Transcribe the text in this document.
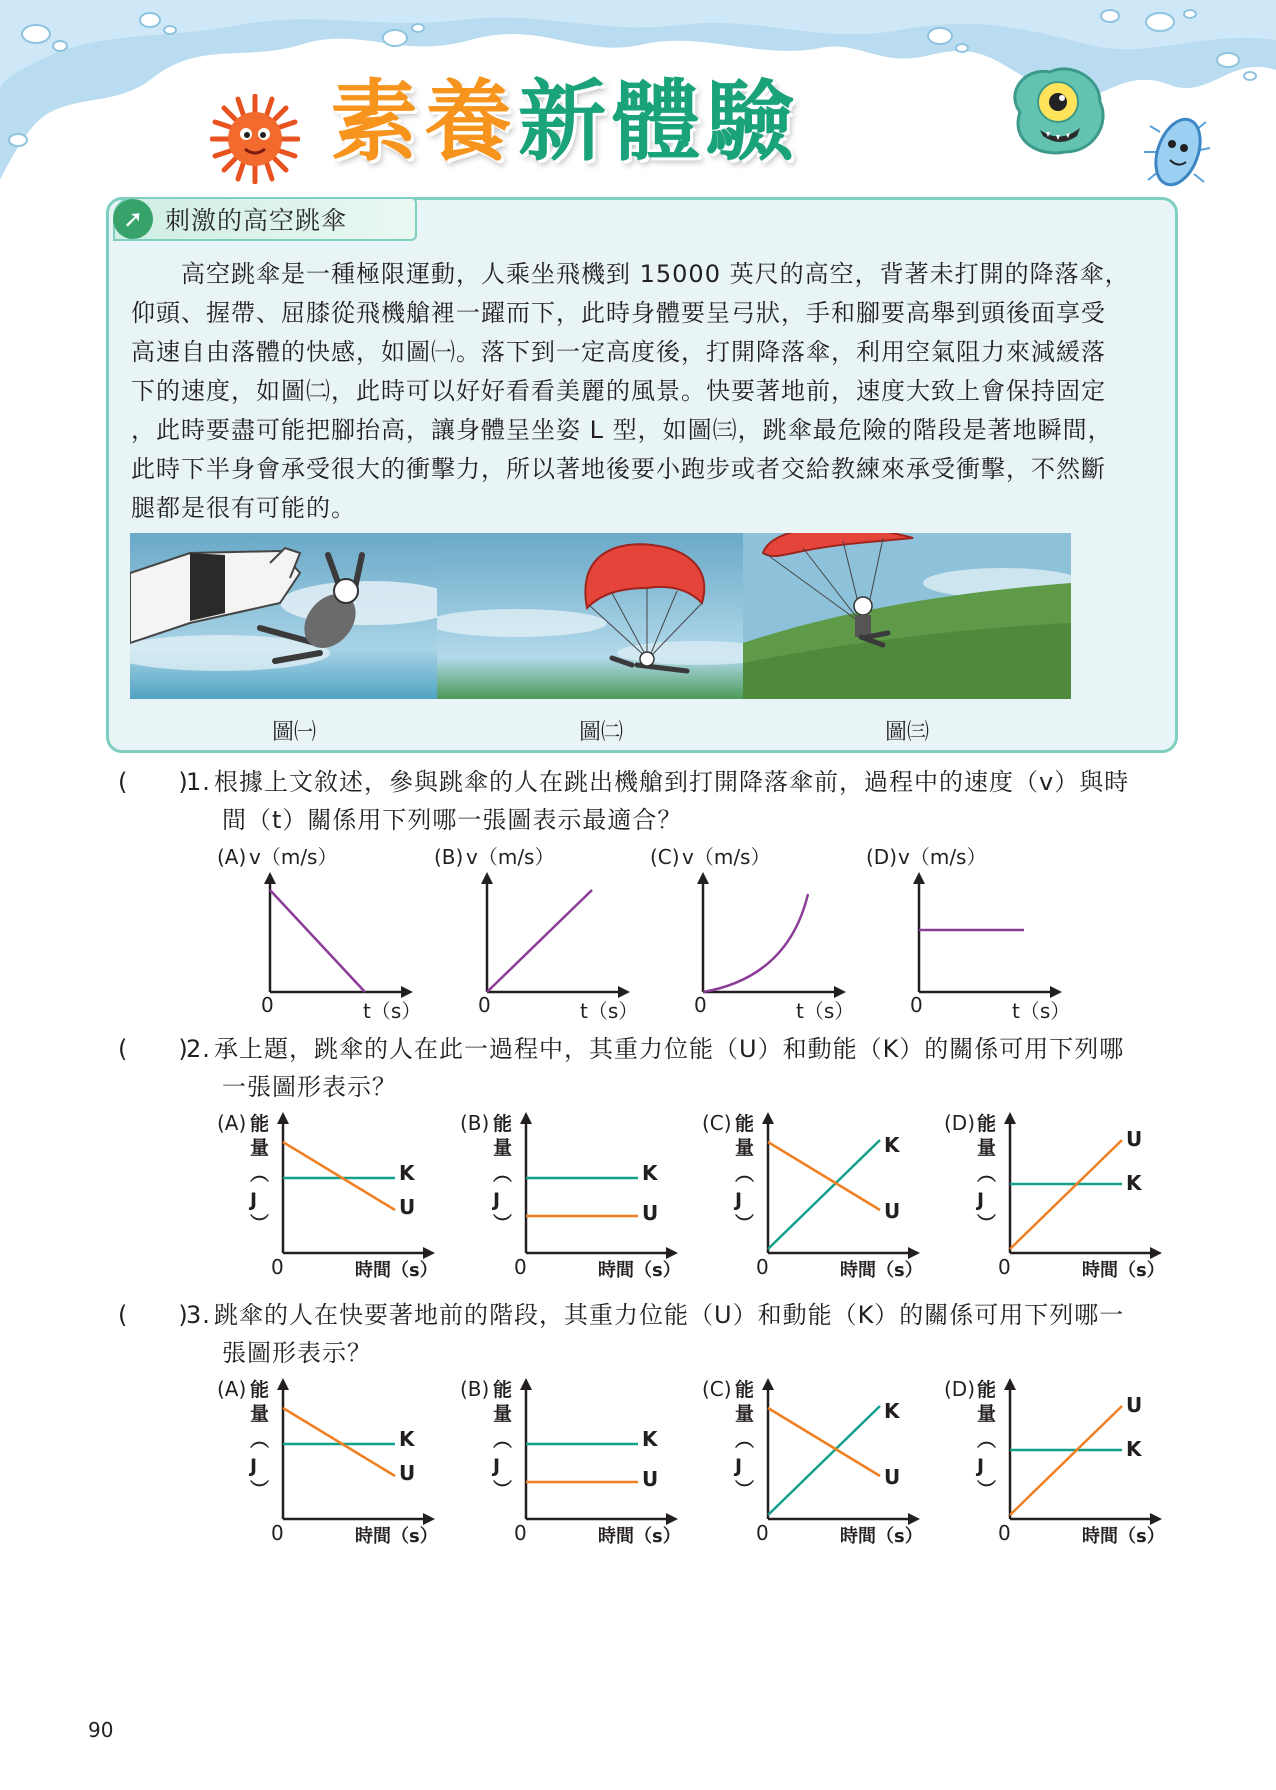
素 養 新 體 驗
➚ 刺激的高空跳傘
　　高空跳傘是一種極限運動，人乘坐飛機到 15000 英尺的高空，背著未打開的降落傘，
仰頭、握帶、屈膝從飛機艙裡一躍而下，此時身體要呈弓狀，手和腳要高舉到頭後面享受
高速自由落體的快感，如圖㈠。落下到一定高度後，打開降落傘，利用空氣阻力來減緩落
下的速度，如圖㈡，此時可以好好看看美麗的風景。快要著地前，速度大致上會保持固定
，此時要盡可能把腳抬高，讓身體呈坐姿 L 型，如圖㈢，跳傘最危險的階段是著地瞬間，
此時下半身會承受很大的衝擊力，所以著地後要小跑步或者交給教練來承受衝擊，不然斷
腿都是很有可能的。
圖㈠	圖㈡	圖㈢
(　　)1. 根據上文敘述，參與跳傘的人在跳出機艙到打開降落傘前，過程中的速度（v）與時
間（t）關係用下列哪一張圖表示最適合？
(　　)2. 承上題，跳傘的人在此一過程中，其重力位能（U）和動能（K）的關係可用下列哪
一張圖形表示？
(　　)3. 跳傘的人在快要著地前的階段，其重力位能（U）和動能（K）的關係可用下列哪一
張圖形表示？
(A) v（m/s）
0	t（s）
(B) v（m/s）
0	t（s）
(C) v（m/s）
0	t（s）
(D) v（m/s）
0	t（s）
(A) 能
量
︵
J
︶
0	時間（s）
U
K
(B) 能
量
︵
J
︶
0	時間（s）
U
K
(C) 能
量
︵
J
︶
0	時間（s）
U
K
(D) 能
量
︵
J
︶
0	時間（s）
U
K
(A) 能
量
︵
J
︶
0	時間（s）
U
K
(B) 能
量
︵
J
︶
0	時間（s）
U
K
(C) 能
量
︵
J
︶
0	時間（s）
U
K
(D) 能
量
︵
J
︶
0	時間（s）
U
K
90
